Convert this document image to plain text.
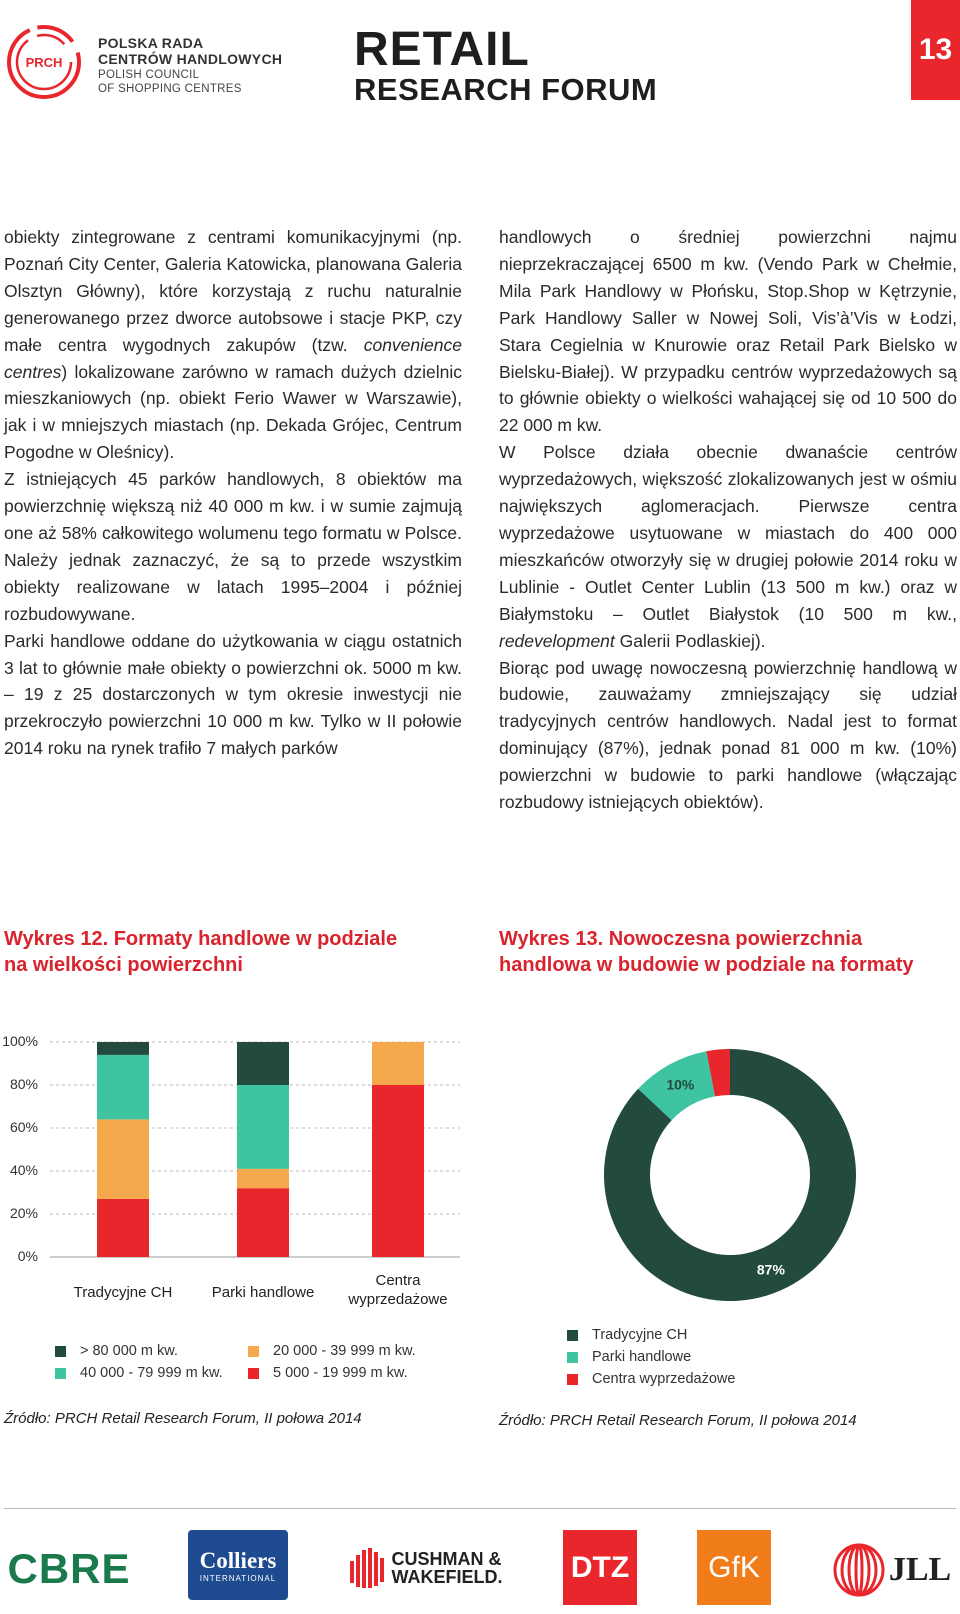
PRCH
POLSKA RADA
CENTRÓW HANDLOWYCH
POLISH COUNCIL
OF SHOPPING CENTRES
RETAIL
RESEARCH FORUM
13

obiekty zintegrowane z centrami komunikacyjnymi (np. Poznań City Center, Galeria Katowicka, planowana Galeria Olsztyn Główny), które korzystają z ruchu naturalnie generowanego przez dworce autobsowe i stacje PKP, czy małe centra wygodnych zakupów (tzw. convenience centres) lokalizowane zarówno w ramach dużych dzielnic mieszkaniowych (np. obiekt Ferio Wawer w Warszawie), jak i w mniejszych miastach (np. Dekada Grójec, Centrum Pogodne w Oleśnicy).

Z istniejących 45 parków handlowych, 8 obiektów ma powierzchnię większą niż 40 000 m kw. i w sumie zajmują one aż 58% całkowitego wolumenu tego formatu w Polsce. Należy jednak zaznaczyć, że są to przede wszystkim obiekty realizowane w latach 1995–2004 i później rozbudowywane.

Parki handlowe oddane do użytkowania w ciągu ostatnich 3 lat to głównie małe obiekty o powierzchni ok. 5000 m kw. – 19 z 25 dostarczonych w tym okresie inwestycji nie przekroczyło powierzchni 10 000 m kw. Tylko w II połowie 2014 roku na rynek trafiło 7 małych parków

handlowych o średniej powierzchni najmu nieprzekraczającej 6500 m kw. (Vendo Park w Chełmie, Mila Park Handlowy w Płońsku, Stop.Shop w Kętrzynie, Park Handlowy Saller w Nowej Soli, Vis’à’Vis w Łodzi, Stara Cegielnia w Knurowie oraz Retail Park Bielsko w Bielsku-Białej). W przypadku centrów wyprzedażowych są to głównie obiekty o wielkości wahającej się od 10 500 do 22 000 m kw.

W Polsce działa obecnie dwanaście centrów wyprzedażowych, większość zlokalizowanych jest w ośmiu największych aglomeracjach. Pierwsze centra wyprzedażowe usytuowane w miastach do 400 000 mieszkańców otworzyły się w drugiej połowie 2014 roku w Lublinie - Outlet Center Lublin (13 500 m kw.) oraz w Białymstoku – Outlet Białystok (10 500 m kw., redevelopment Galerii Podlaskiej).

Biorąc pod uwagę nowoczesną powierzchnię handlową w budowie, zauważamy zmniejszający się udział tradycyjnych centrów handlowych. Nadal jest to format dominujący (87%), jednak ponad 81 000 m kw. (10%) powierzchni w budowie to parki handlowe (włączając rozbudowy istniejących obiektów).

Wykres 12. Formaty handlowe w podziale
na wielkości powierzchni
Wykres 13. Nowoczesna powierzchnia
handlowa w budowie w podziale na formaty
100%
80%
60%
40%
20%
0%
Tradycyjne CH	Parki handlowe
Centra
wyprzedażowe
> 80 000 m kw.
40 000 - 79 999 m kw.
20 000 - 39 999 m kw.
5 000 - 19 999 m kw.
Źródło: PRCH Retail Research Forum, II połowa 2014
87%
10%
3%
Tradycyjne CH
Parki handlowe
Centra wyprzedażowe
Źródło: PRCH Retail Research Forum, II połowa 2014
CBRE	Colliers
INTERNATIONAL
CUSHMAN &
WAKEFIELD. DTZ	GfK	JLL
